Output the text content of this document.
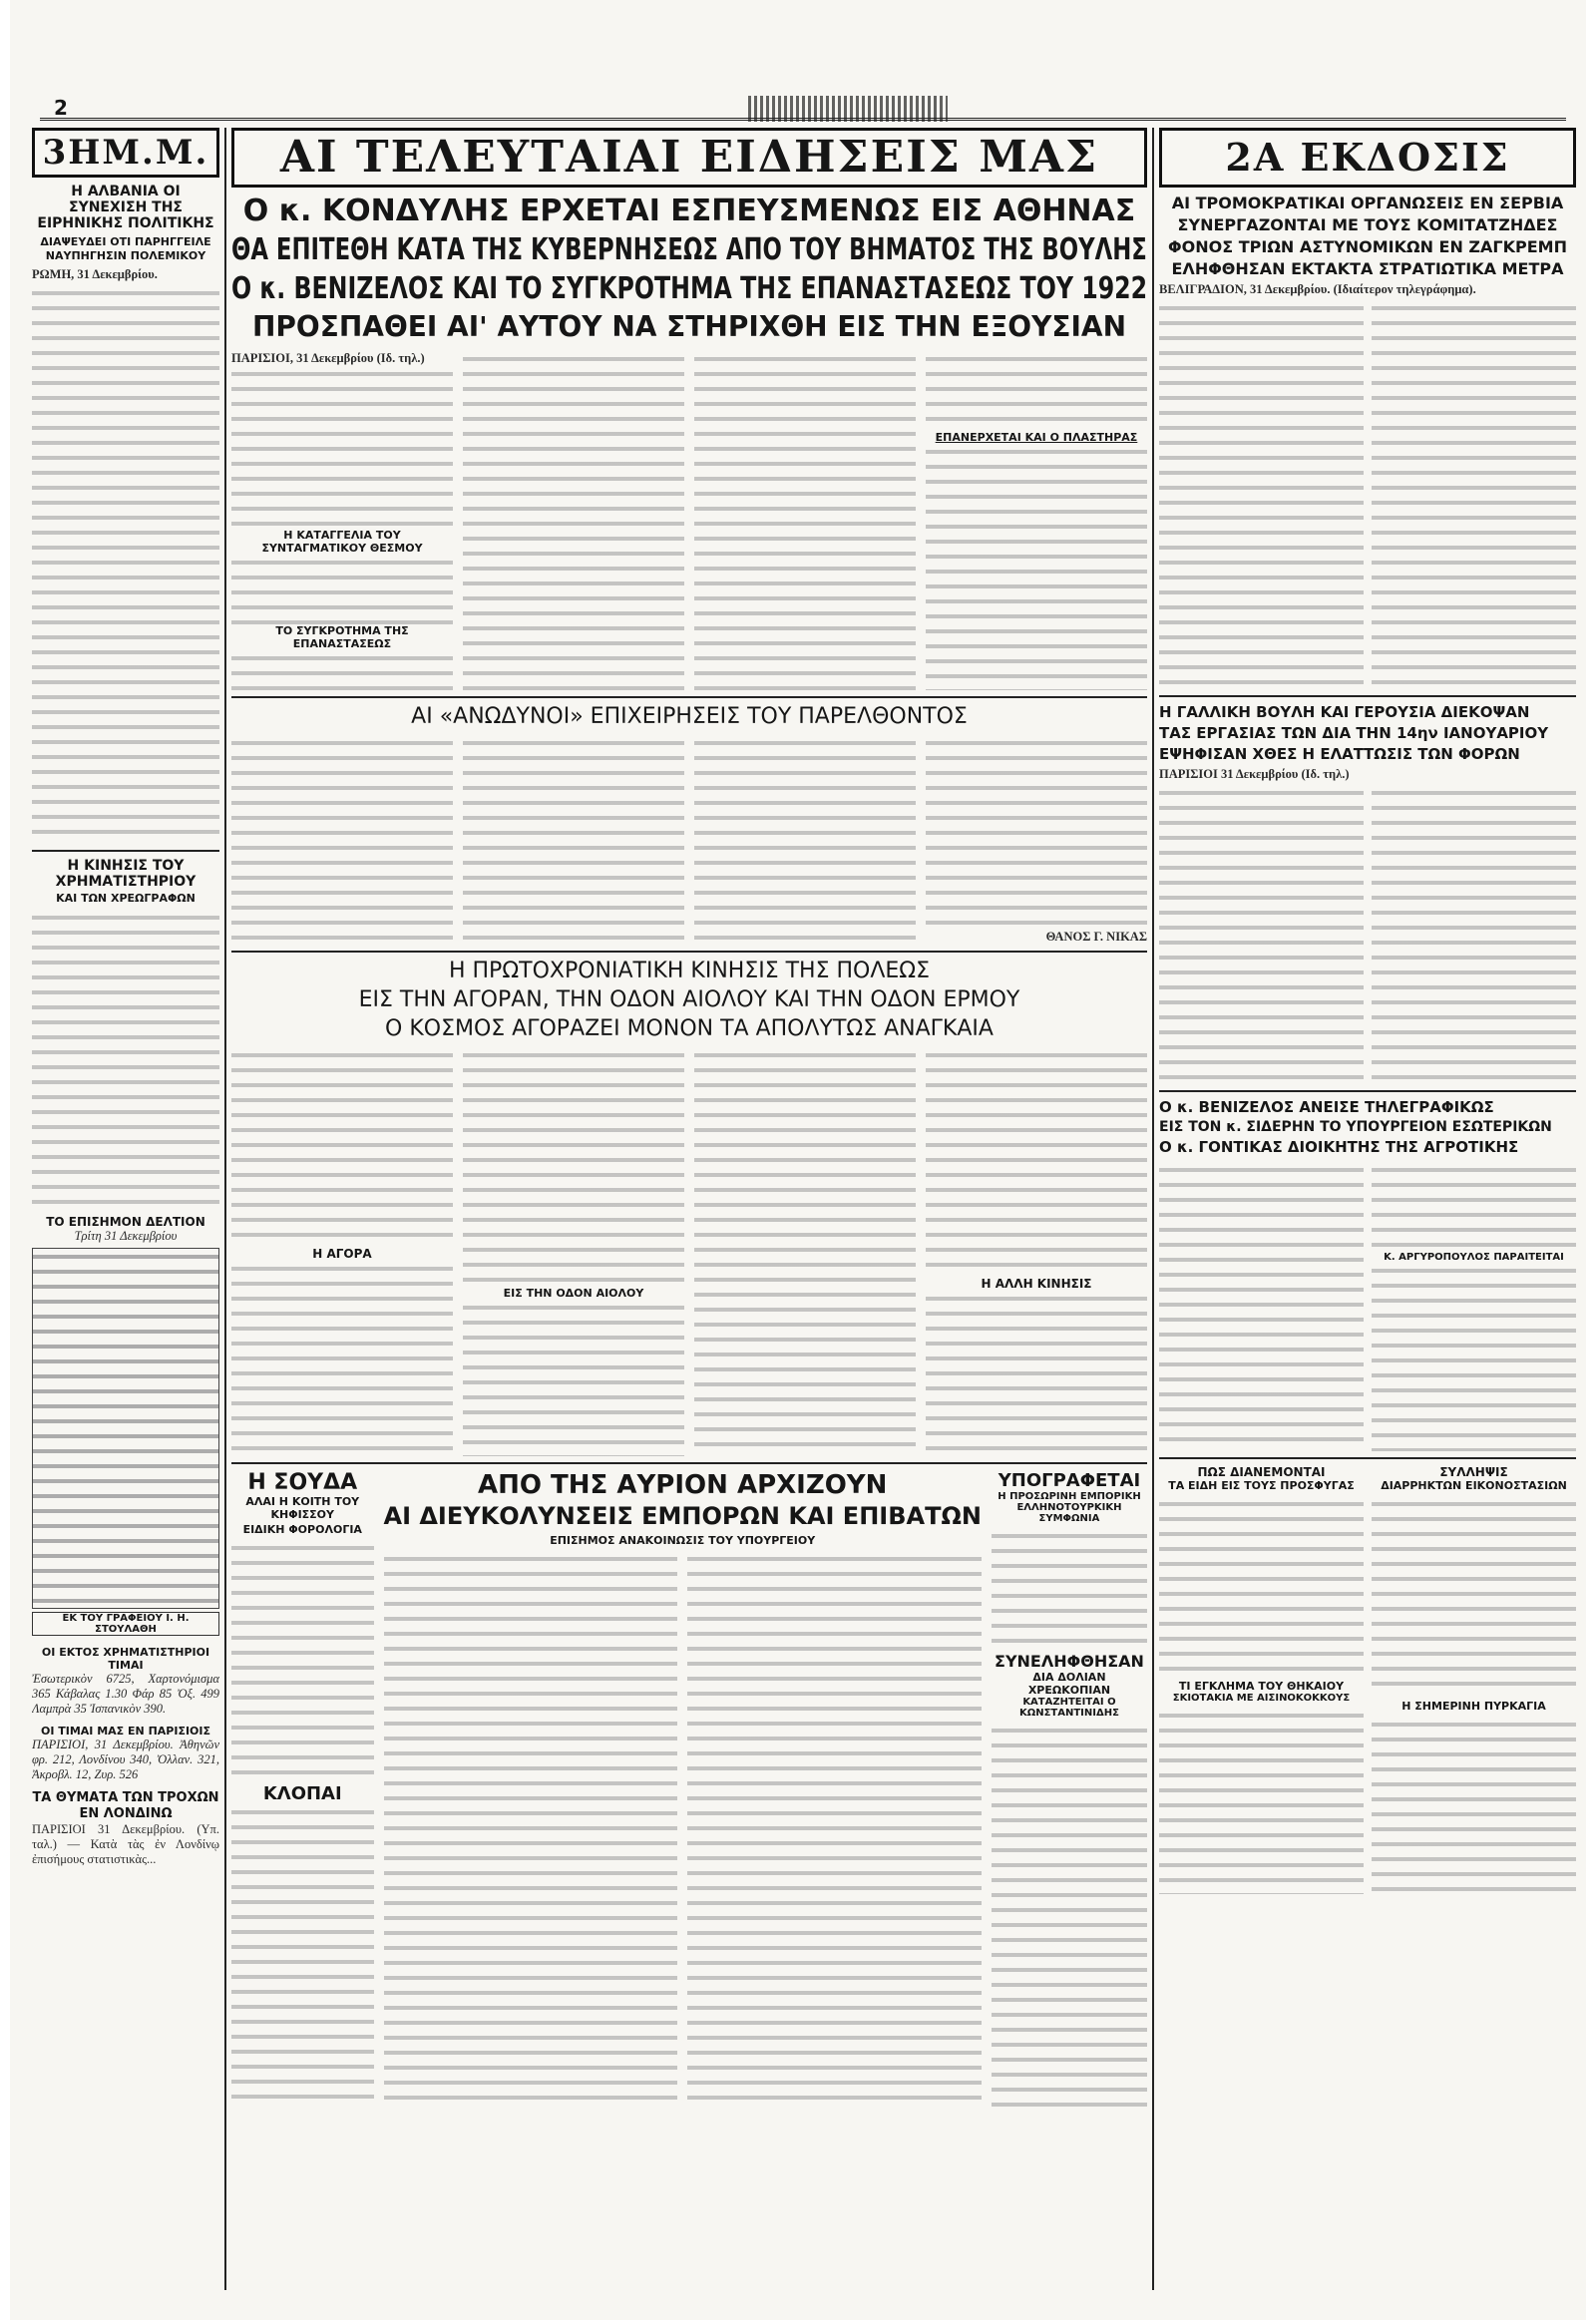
2
3ΗΜ.Μ.
Η ΑΛΒΑΝΙΑ ΟΙ ΣΥΝΕΧΙΣΗ ΤΗΣ ΕΙΡΗΝΙΚΗΣ ΠΟΛΙΤΙΚΗΣ
ΔΙΑΨΕΥΔΕΙ ΟΤΙ ΠΑΡΗΓΓΕΙΛΕ ΝΑΥΠΗΓΗΣΙΝ ΠΟΛΕΜΙΚΟΥ
ΡΩΜΗ, 31 Δεκεμβρίου.
Η ΚΙΝΗΣΙΣ ΤΟΥ ΧΡΗΜΑΤΙΣΤΗΡΙΟΥ
ΚΑΙ ΤΩΝ ΧΡΕΩΓΡΑΦΩΝ
ΤΟ ΕΠΙΣΗΜΟΝ ΔΕΛΤΙΟΝ
Τρίτη 31 Δεκεμβρίου
ΕΚ ΤΟΥ ΓΡΑΦΕΙΟΥ Ι. Η. ΣΤΟΥΛΑΘΗ
ΟΙ ΕΚΤΟΣ ΧΡΗΜΑΤΙΣΤΗΡΙΟΙ ΤΙΜΑΙ
Ἐσωτερικὸν 6725, Χαρτονόμισμα 365 Κάβαλας 1.30 Φάρ 85 Ὀξ. 499 Λαμπρὰ 35 Ἰσπανικὸν 390.
ΟΙ ΤΙΜΑΙ ΜΑΣ ΕΝ ΠΑΡΙΣΙΟΙΣ
ΠΑΡΙΣΙΟΙ, 31 Δεκεμβρίου. Ἀθηνῶν φρ. 212, Λονδίνου 340, Ὀλλαν. 321, Ἀκροβλ. 12, Ζυρ. 526
ΤΑ ΘΥΜΑΤΑ ΤΩΝ ΤΡΟΧΩΝ ΕΝ ΛΟΝΔΙΝΩ
ΠΑΡΙΣΙΟΙ 31 Δεκεμβρίου. (Υπ. ταλ.) — Κατὰ τὰς ἐν Λονδίνῳ ἐπισήμους στατιστικὰς...
ΑΙ ΤΕΛΕΥΤΑΙΑΙ ΕΙΔΗΣΕΙΣ ΜΑΣ
Ο κ. ΚΟΝΔΥΛΗΣ ΕΡΧΕΤΑΙ ΕΣΠΕΥΣΜΕΝΩΣ ΕΙΣ ΑΘΗΝΑΣ
ΘΑ ΕΠΙΤΕΘΗ ΚΑΤΑ ΤΗΣ ΚΥΒΕΡΝΗΣΕΩΣ ΑΠΟ ΤΟΥ ΒΗΜΑΤΟΣ ΤΗΣ ΒΟΥΛΗΣ
Ο κ. ΒΕΝΙΖΕΛΟΣ ΚΑΙ ΤΟ ΣΥΓΚΡΟΤΗΜΑ ΤΗΣ ΕΠΑΝΑΣΤΑΣΕΩΣ ΤΟΥ 1922
ΠΡΟΣΠΑΘΕΙ ΑΙ' ΑΥΤΟΥ ΝΑ ΣΤΗΡΙΧΘΗ ΕΙΣ ΤΗΝ ΕΞΟΥΣΙΑΝ
ΠΑΡΙΣΙΟΙ, 31 Δεκεμβρίου (Ιδ. τηλ.)
Η ΚΑΤΑΓΓΕΛΙΑ ΤΟΥ ΣΥΝΤΑΓΜΑΤΙΚΟΥ ΘΕΣΜΟΥ
ΤΟ ΣΥΓΚΡΟΤΗΜΑ ΤΗΣ ΕΠΑΝΑΣΤΑΣΕΩΣ
ΕΠΑΝΕΡΧΕΤΑΙ ΚΑΙ Ο ΠΛΑΣΤΗΡΑΣ
ΑΙ «ΑΝΩΔΥΝΟΙ» ΕΠΙΧΕΙΡΗΣΕΙΣ ΤΟΥ ΠΑΡΕΛΘΟΝΤΟΣ
ΘΑΝΟΣ Γ. ΝΙΚΑΣ
Η ΠΡΩΤΟΧΡΟΝΙΑΤΙΚΗ ΚΙΝΗΣΙΣ ΤΗΣ ΠΟΛΕΩΣ
ΕΙΣ ΤΗΝ ΑΓΟΡΑΝ, ΤΗΝ ΟΔΟΝ ΑΙΟΛΟΥ ΚΑΙ ΤΗΝ ΟΔΟΝ ΕΡΜΟΥ
Ο ΚΟΣΜΟΣ ΑΓΟΡΑΖΕΙ ΜΟΝΟΝ ΤΑ ΑΠΟΛΥΤΩΣ ΑΝΑΓΚΑΙΑ
Η ΑΓΟΡΑ
ΕΙΣ ΤΗΝ ΟΔΟΝ ΑΙΟΛΟΥ
Η ΑΛΛΗ ΚΙΝΗΣΙΣ
Η ΣΟΥΔΑ
ΑΛΑΙ Η ΚΟΙΤΗ ΤΟΥ ΚΗΦΙΣΣΟΥ
ΕΙΔΙΚΗ ΦΟΡΟΛΟΓΙΑ
ΚΛΟΠΑΙ
ΑΠΟ ΤΗΣ ΑΥΡΙΟΝ ΑΡΧΙΖΟΥΝ
ΑΙ ΔΙΕΥΚΟΛΥΝΣΕΙΣ ΕΜΠΟΡΩΝ ΚΑΙ ΕΠΙΒΑΤΩΝ
ΕΠΙΣΗΜΟΣ ΑΝΑΚΟΙΝΩΣΙΣ ΤΟΥ ΥΠΟΥΡΓΕΙΟΥ
ΥΠΟΓΡΑΦΕΤΑΙ
Η ΠΡΟΣΩΡΙΝΗ ΕΜΠΟΡΙΚΗ ΕΛΛΗΝΟΤΟΥΡΚΙΚΗ ΣΥΜΦΩΝΙΑ
ΣΥΝΕΛΗΦΘΗΣΑΝ
ΔΙΑ ΔΟΛΙΑΝ ΧΡΕΩΚΟΠΙΑΝ
ΚΑΤΑΖΗΤΕΙΤΑΙ Ο ΚΩΝΣΤΑΝΤΙΝΙΔΗΣ
2Α ΕΚΔΟΣΙΣ
ΑΙ ΤΡΟΜΟΚΡΑΤΙΚΑΙ ΟΡΓΑΝΩΣΕΙΣ ΕΝ ΣΕΡΒΙΑ
ΣΥΝΕΡΓΑΖΟΝΤΑΙ ΜΕ ΤΟΥΣ ΚΟΜΙΤΑΤΖΗΔΕΣ
ΦΟΝΟΣ ΤΡΙΩΝ ΑΣΤΥΝΟΜΙΚΩΝ ΕΝ ΖΑΓΚΡΕΜΠ
ΕΛΗΦΘΗΣΑΝ ΕΚΤΑΚΤΑ ΣΤΡΑΤΙΩΤΙΚΑ ΜΕΤΡΑ
ΒΕΛΙΓΡΑΔΙΟΝ, 31 Δεκεμβρίου. (Ιδιαίτερον τηλεγράφημα).
Η ΓΑΛΛΙΚΗ ΒΟΥΛΗ ΚΑΙ ΓΕΡΟΥΣΙΑ ΔΙΕΚΟΨΑΝ
ΤΑΣ ΕΡΓΑΣΙΑΣ ΤΩΝ ΔΙΑ ΤΗΝ 14ην ΙΑΝΟΥΑΡΙΟΥ
ΕΨΗΦΙΣΑΝ ΧΘΕΣ Η ΕΛΑΤΤΩΣΙΣ ΤΩΝ ΦΟΡΩΝ
ΠΑΡΙΣΙΟΙ 31 Δεκεμβρίου (Ιδ. τηλ.)
Ο κ. ΒΕΝΙΖΕΛΟΣ ΑΝΕΙΣΕ ΤΗΛΕΓΡΑΦΙΚΩΣ
ΕΙΣ ΤΟΝ κ. ΣΙΔΕΡΗΝ ΤΟ ΥΠΟΥΡΓΕΙΟΝ ΕΣΩΤΕΡΙΚΩΝ
Ο κ. ΓΟΝΤΙΚΑΣ ΔΙΟΙΚΗΤΗΣ ΤΗΣ ΑΓΡΟΤΙΚΗΣ
Κ. ΑΡΓΥΡΟΠΟΥΛΟΣ ΠΑΡΑΙΤΕΙΤΑΙ
ΠΩΣ ΔΙΑΝΕΜΟΝΤΑΙ
ΤΑ ΕΙΔΗ ΕΙΣ ΤΟΥΣ ΠΡΟΣΦΥΓΑΣ
ΤΙ ΕΓΚΛΗΜΑ ΤΟΥ ΘΗΚΑΙΟΥ
ΣΚΙΟΤΑΚΙΑ ΜΕ ΑΙΣΙΝΟΚΟΚΚΟΥΣ
ΣΥΛΛΗΨΙΣ
ΔΙΑΡΡΗΚΤΩΝ ΕΙΚΟΝΟΣΤΑΣΙΩΝ
Η ΣΗΜΕΡΙΝΗ ΠΥΡΚΑΓΙΑ
